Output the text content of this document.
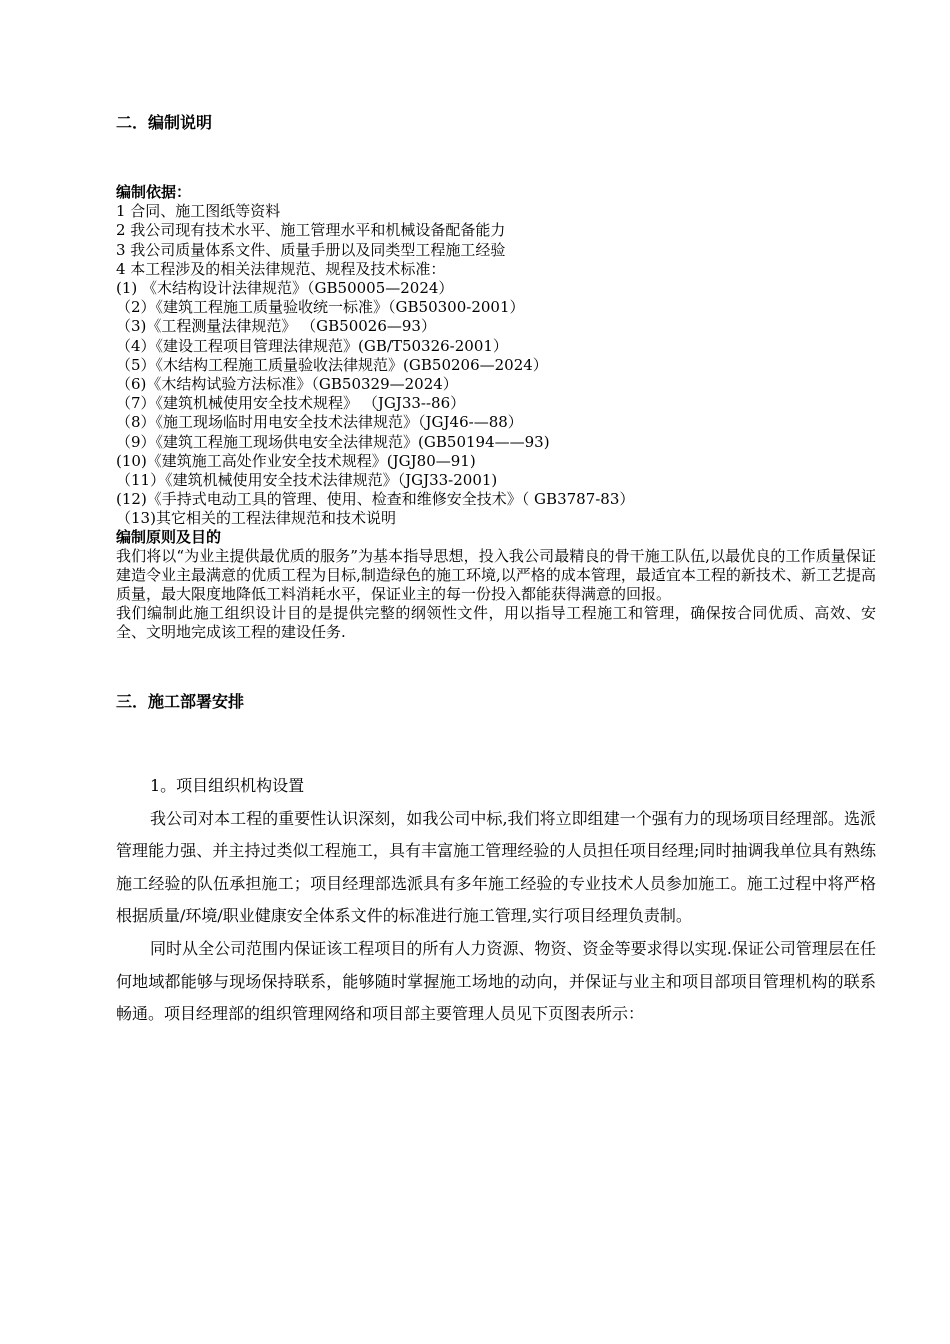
二．编制说明
编制依据：
1 合同、施工图纸等资料
2 我公司现有技术水平、施工管理水平和机械设备配备能力
3 我公司质量体系文件、质量手册以及同类型工程施工经验
4 本工程涉及的相关法律规范、规程及技术标准：
(1) 《木结构设计法律规范》（GB50005—2024）
（2）《建筑工程施工质量验收统一标准》（GB50300-2001）
（3)《工程测量法律规范》 （GB50026—93）
（4）《建设工程项目管理法律规范》(GB/T50326-2001）
（5）《木结构工程施工质量验收法律规范》(GB50206—2024）
（6)《木结构试验方法标准》（GB50329—2024）
（7）《建筑机械使用安全技术规程》 （JGJ33--86）
（8）《施工现场临时用电安全技术法律规范》（JGJ46-—88）
（9）《建筑工程施工现场供电安全法律规范》(GB50194——93)
(10)《建筑施工高处作业安全技术规程》(JGJ80—91)
（11）《建筑机械使用安全技术法律规范》（JGJ33-2001)
(12)《手持式电动工具的管理、使用、检查和维修安全技术》（ GB3787-83）
（13)其它相关的工程法律规范和技术说明
编制原则及目的
我们将以“为业主提供最优质的服务”为基本指导思想，投入我公司最精良的骨干施工队伍,以最优良的工作质量保证建造令业主最满意的优质工程为目标,制造绿色的施工环境,以严格的成本管理，最适宜本工程的新技术、新工艺提高质量，最大限度地降低工料消耗水平，保证业主的每一份投入都能获得满意的回报。
我们编制此施工组织设计目的是提供完整的纲领性文件，用以指导工程施工和管理，确保按合同优质、高效、安全、文明地完成该工程的建设任务.
三．施工部署安排
1。项目组织机构设置
我公司对本工程的重要性认识深刻，如我公司中标,我们将立即组建一个强有力的现场项目经理部。选派管理能力强、并主持过类似工程施工，具有丰富施工管理经验的人员担任项目经理;同时抽调我单位具有熟练施工经验的队伍承担施工；项目经理部选派具有多年施工经验的专业技术人员参加施工。施工过程中将严格根据质量/环境/职业健康安全体系文件的标准进行施工管理,实行项目经理负责制。
同时从全公司范围内保证该工程项目的所有人力资源、物资、资金等要求得以实现.保证公司管理层在任何地域都能够与现场保持联系，能够随时掌握施工场地的动向，并保证与业主和项目部项目管理机构的联系畅通。项目经理部的组织管理网络和项目部主要管理人员见下页图表所示：
